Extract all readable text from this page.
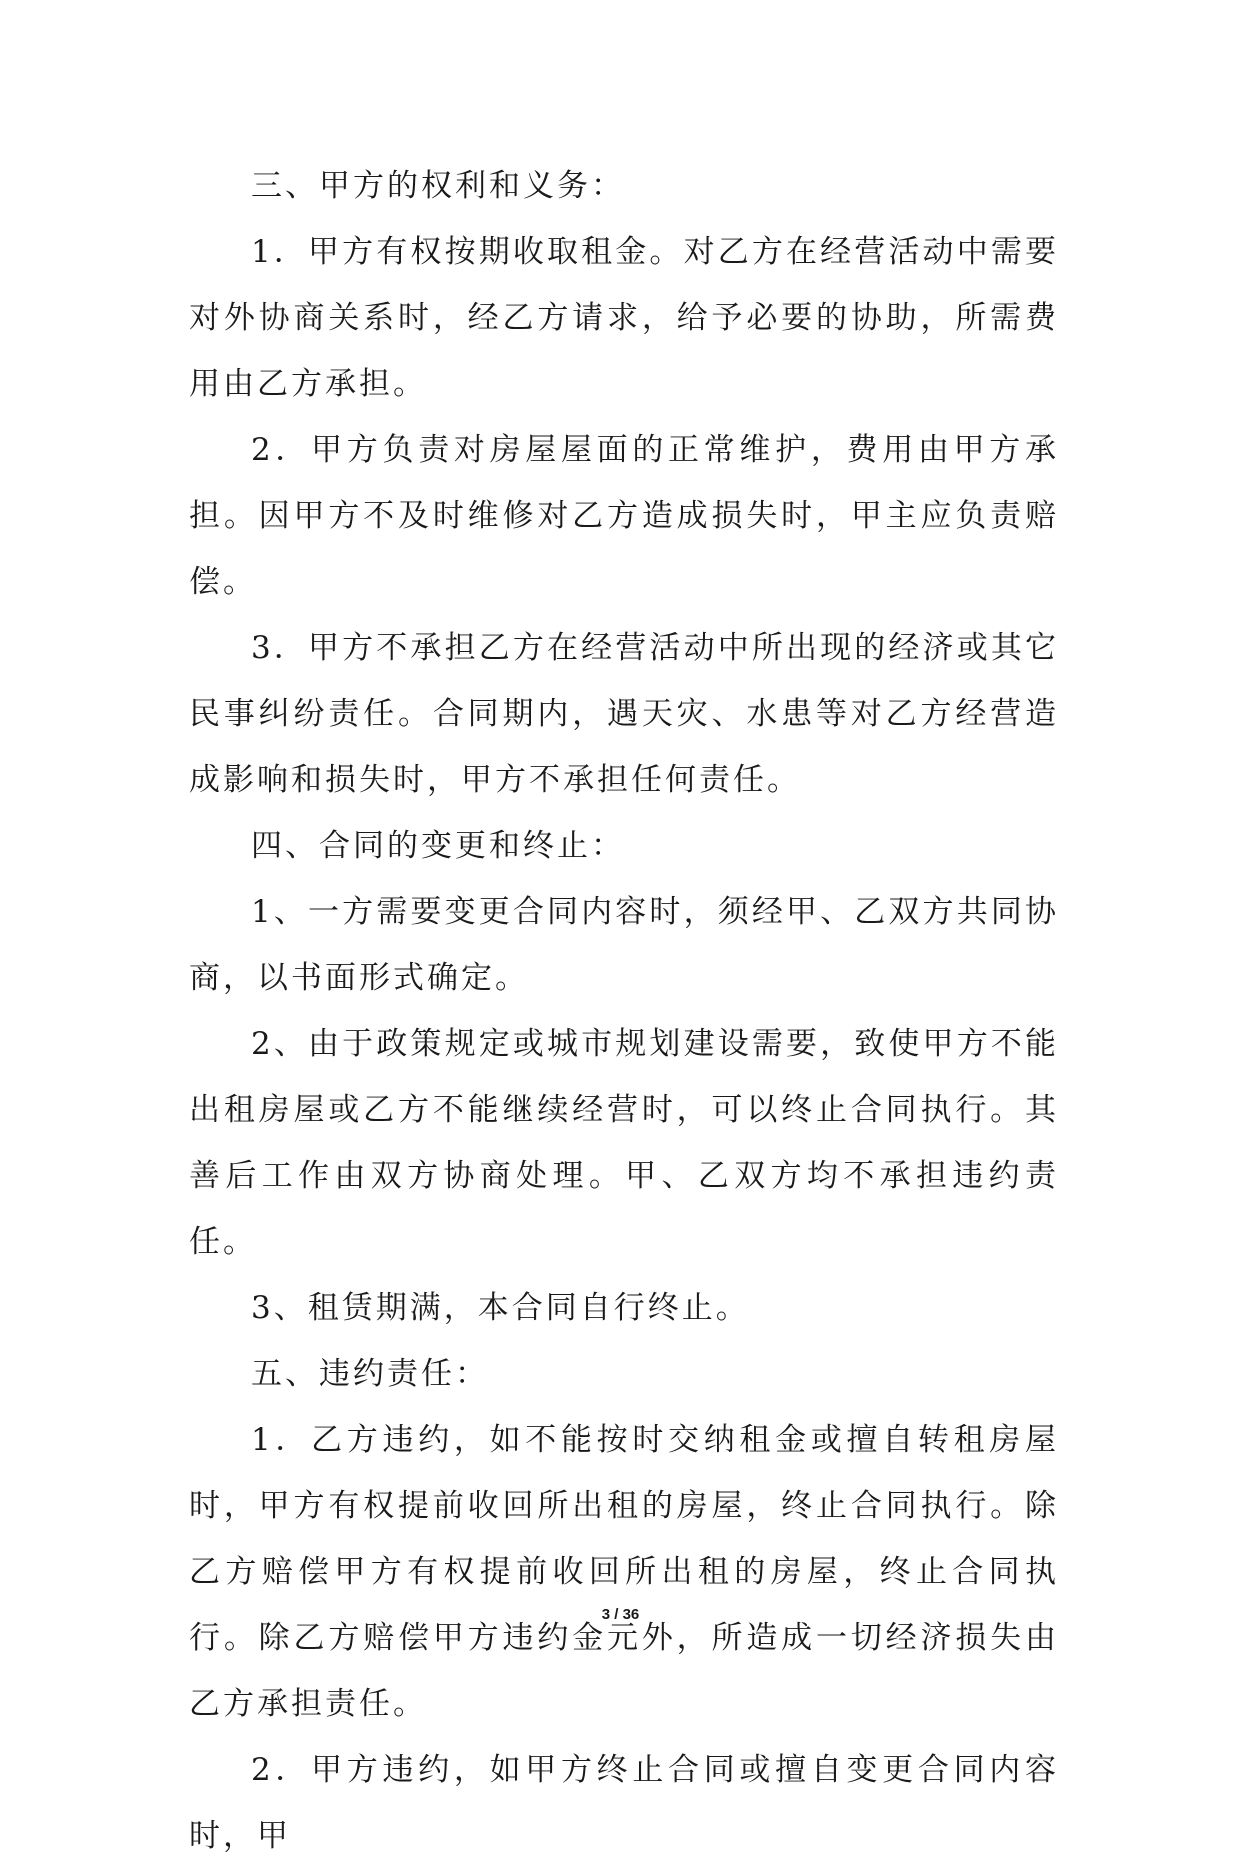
三、甲方的权利和义务：

1．甲方有权按期收取租金。对乙方在经营活动中需要对外协商关系时，经乙方请求，给予必要的协助，所需费用由乙方承担。

2．甲方负责对房屋屋面的正常维护，费用由甲方承担。因甲方不及时维修对乙方造成损失时，甲主应负责赔偿。

3．甲方不承担乙方在经营活动中所出现的经济或其它民事纠纷责任。合同期内，遇天灾、水患等对乙方经营造成影响和损失时，甲方不承担任何责任。

四、合同的变更和终止：

1、一方需要变更合同内容时，须经甲、乙双方共同协商，以书面形式确定。

2、由于政策规定或城市规划建设需要，致使甲方不能出租房屋或乙方不能继续经营时，可以终止合同执行。其善后工作由双方协商处理。甲、乙双方均不承担违约责任。

3、租赁期满，本合同自行终止。

五、违约责任：

1．乙方违约，如不能按时交纳租金或擅自转租房屋时，甲方有权提前收回所出租的房屋，终止合同执行。除乙方赔偿甲方有权提前收回所出租的房屋，终止合同执行。除乙方赔偿甲方违约金元外，所造成一切经济损失由乙方承担责任。

2．甲方违约，如甲方终止合同或擅自变更合同内容时，甲

3 / 36
